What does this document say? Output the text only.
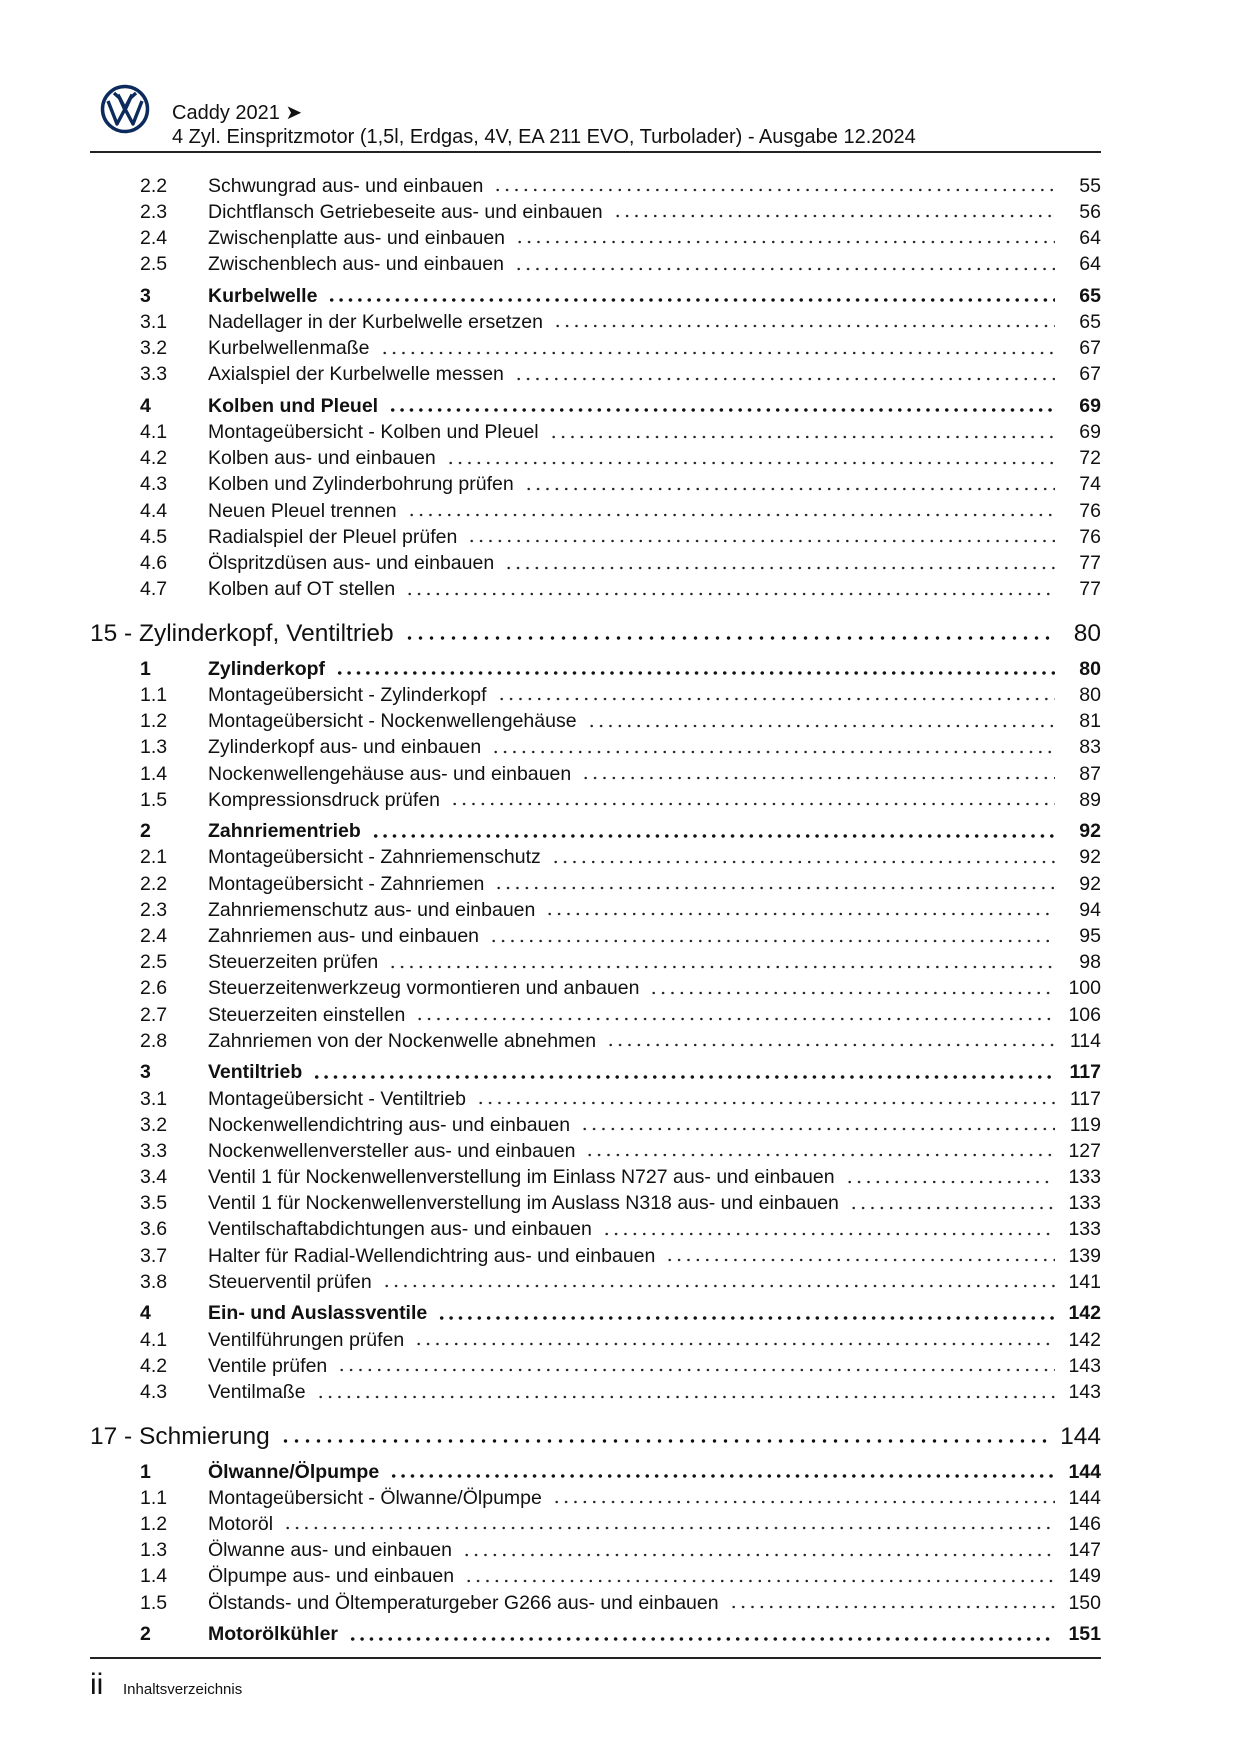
Caddy 2021 ➤
4 Zyl. Einspritzmotor (1,5l, Erdgas, 4V, EA 211 EVO, Turbolader) - Ausgabe 12.2024
2.2	Schwungrad aus- und einbauen	55
2.3	Dichtflansch Getriebeseite aus- und einbauen	56
2.4	Zwischenplatte aus- und einbauen	64
2.5	Zwischenblech aus- und einbauen	64
3	Kurbelwelle	65
3.1	Nadellager in der Kurbelwelle ersetzen	65
3.2	Kurbelwellenmaße	67
3.3	Axialspiel der Kurbelwelle messen	67
4	Kolben und Pleuel	69
4.1	Montageübersicht - Kolben und Pleuel	69
4.2	Kolben aus- und einbauen	72
4.3	Kolben und Zylinderbohrung prüfen	74
4.4	Neuen Pleuel trennen	76
4.5	Radialspiel der Pleuel prüfen	76
4.6	Ölspritzdüsen aus- und einbauen	77
4.7	Kolben auf OT stellen	77
15 - Zylinderkopf, Ventiltrieb	80
1	Zylinderkopf	80
1.1	Montageübersicht - Zylinderkopf	80
1.2	Montageübersicht - Nockenwellengehäuse	81
1.3	Zylinderkopf aus- und einbauen	83
1.4	Nockenwellengehäuse aus- und einbauen	87
1.5	Kompressionsdruck prüfen	89
2	Zahnriementrieb	92
2.1	Montageübersicht - Zahnriemenschutz	92
2.2	Montageübersicht - Zahnriemen	92
2.3	Zahnriemenschutz aus- und einbauen	94
2.4	Zahnriemen aus- und einbauen	95
2.5	Steuerzeiten prüfen	98
2.6	Steuerzeitenwerkzeug vormontieren und anbauen	100
2.7	Steuerzeiten einstellen	106
2.8	Zahnriemen von der Nockenwelle abnehmen	114
3	Ventiltrieb	117
3.1	Montageübersicht - Ventiltrieb	117
3.2	Nockenwellendichtring aus- und einbauen	119
3.3	Nockenwellenversteller aus- und einbauen	127
3.4	Ventil 1 für Nockenwellenverstellung im Einlass N727 aus- und einbauen	133
3.5	Ventil 1 für Nockenwellenverstellung im Auslass N318 aus- und einbauen	133
3.6	Ventilschaftabdichtungen aus- und einbauen	133
3.7	Halter für Radial-Wellendichtring aus- und einbauen	139
3.8	Steuerventil prüfen	141
4	Ein- und Auslassventile	142
4.1	Ventilführungen prüfen	142
4.2	Ventile prüfen	143
4.3	Ventilmaße	143
17 - Schmierung	144
1	Ölwanne/Ölpumpe	144
1.1	Montageübersicht - Ölwanne/Ölpumpe	144
1.2	Motoröl	146
1.3	Ölwanne aus- und einbauen	147
1.4	Ölpumpe aus- und einbauen	149
1.5	Ölstands- und Öltemperaturgeber G266 aus- und einbauen	150
2	Motorölkühler	151
ii Inhaltsverzeichnis
